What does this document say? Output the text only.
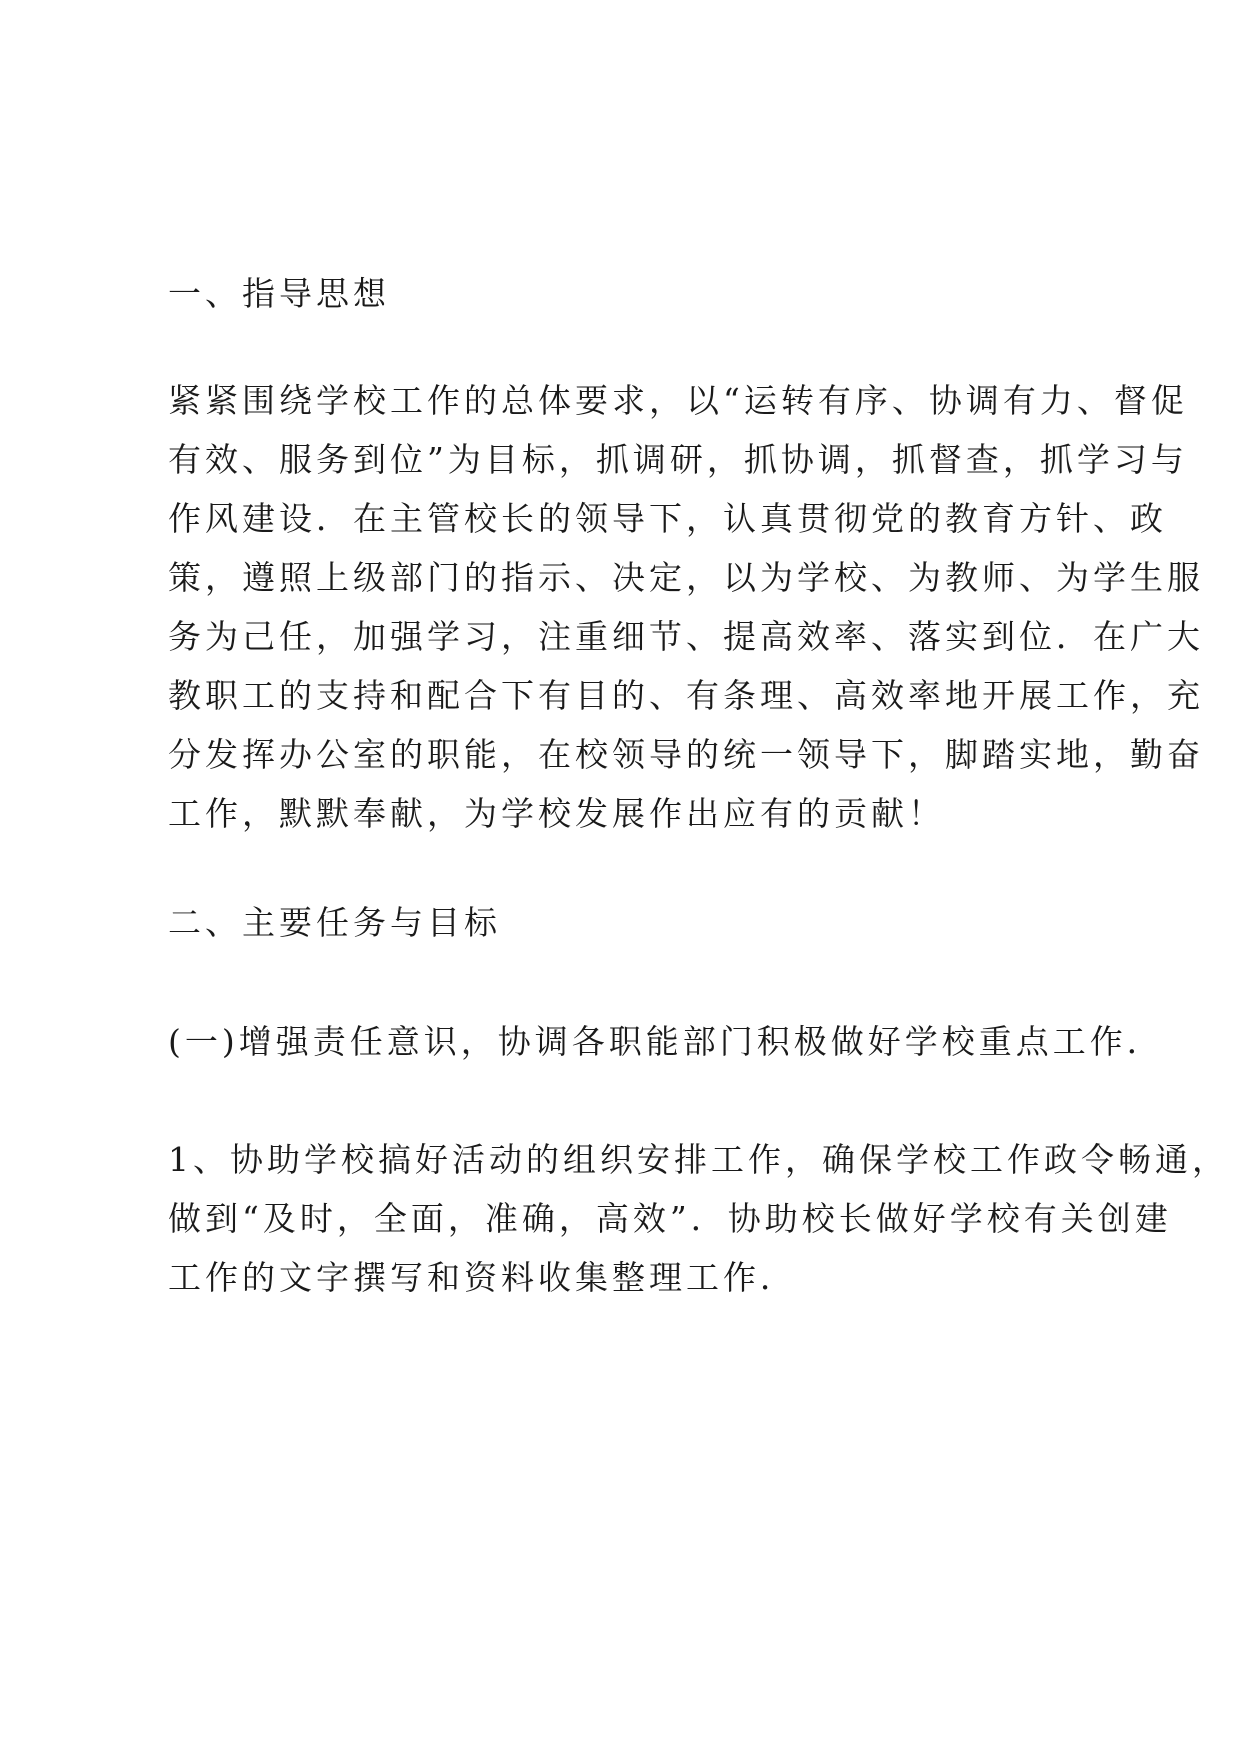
一、指导思想

紧紧围绕学校工作的总体要求，以“运转有序、协调有力、督促
有效、服务到位”为目标，抓调研，抓协调，抓督查，抓学习与
作风建设．在主管校长的领导下，认真贯彻党的教育方针、政
策，遵照上级部门的指示、决定，以为学校、为教师、为学生服
务为己任，加强学习，注重细节、提高效率、落实到位．在广大
教职工的支持和配合下有目的、有条理、高效率地开展工作，充
分发挥办公室的职能，在校领导的统一领导下，脚踏实地，勤奋
工作，默默奉献，为学校发展作出应有的贡献！

二、主要任务与目标
(一)增强责任意识，协调各职能部门积极做好学校重点工作．

1、协助学校搞好活动的组织安排工作，确保学校工作政令畅通，
做到“及时，全面，准确，高效”．协助校长做好学校有关创建
工作的文字撰写和资料收集整理工作．
